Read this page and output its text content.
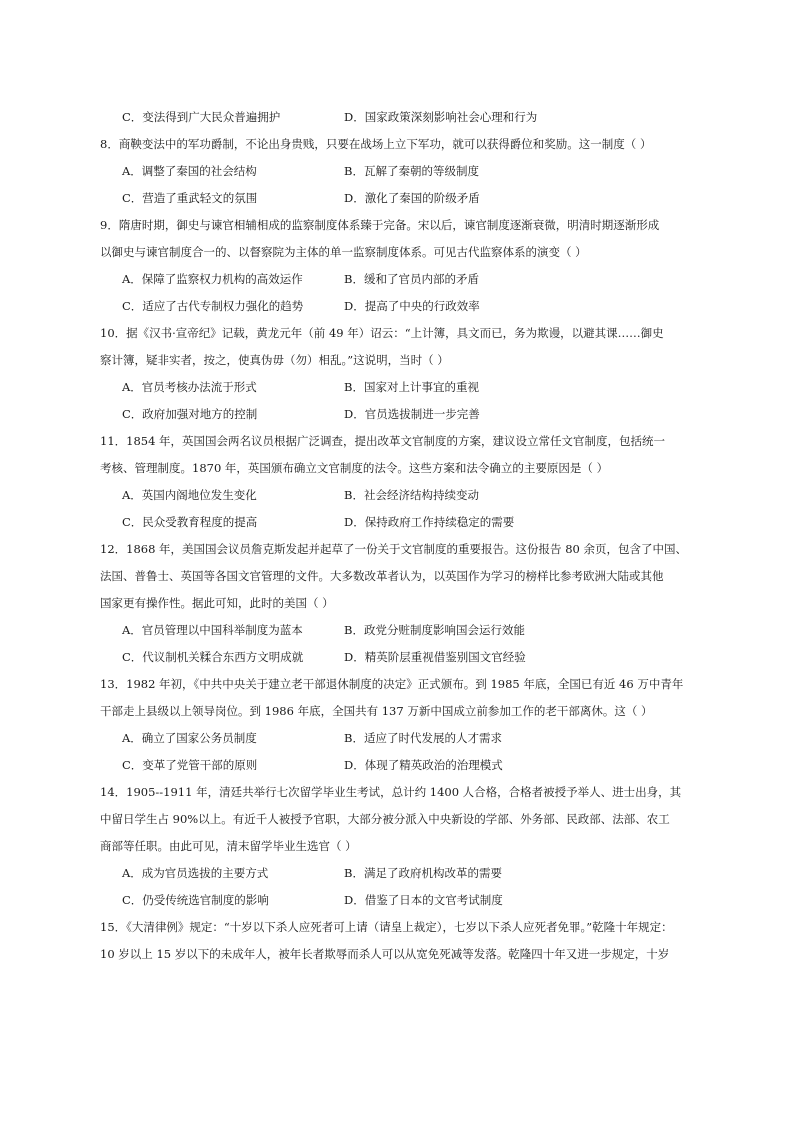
C．变法得到广大民众普遍拥护	D．国家政策深刻影响社会心理和行为
8．商鞅变法中的军功爵制，不论出身贵贱，只要在战场上立下军功，就可以获得爵位和奖励。这一制度（ ）
A．调整了秦国的社会结构	B．瓦解了秦朝的等级制度
C．营造了重武轻文的氛围	D．激化了秦国的阶级矛盾
9．隋唐时期，御史与谏官相辅相成的监察制度体系臻于完备。宋以后，谏官制度逐渐衰微，明清时期逐渐形成
以御史与谏官制度合一的、以督察院为主体的单一监察制度体系。可见古代监察体系的演变（ ）
A．保障了监察权力机构的高效运作	B．缓和了官员内部的矛盾
C．适应了古代专制权力强化的趋势	D．提高了中央的行政效率
10．据《汉书·宣帝纪》记载，黄龙元年（前 49 年）诏云：“上计簿，具文而已，务为欺谩，以避其课……御史
察计簿，疑非实者，按之，使真伪毋（勿）相乱。”这说明，当时（ ）
A．官员考核办法流于形式	B．国家对上计事宜的重视
C．政府加强对地方的控制	D．官员选拔制进一步完善
11．1854 年，英国国会两名议员根据广泛调查，提出改革文官制度的方案，建议设立常任文官制度，包括统一
考核、管理制度。1870 年，英国颁布确立文官制度的法令。这些方案和法令确立的主要原因是（ ）
A．英国内阁地位发生变化	B．社会经济结构持续变动
C．民众受教育程度的提高	D．保持政府工作持续稳定的需要
12．1868 年，美国国会议员詹克斯发起并起草了一份关于文官制度的重要报告。这份报告 80 余页，包含了中国、
法国、普鲁士、英国等各国文官管理的文件。大多数改革者认为，以英国作为学习的榜样比参考欧洲大陆或其他
国家更有操作性。据此可知，此时的美国（ ）
A．官员管理以中国科举制度为蓝本	B．政党分赃制度影响国会运行效能
C．代议制机关糅合东西方文明成就	D．精英阶层重视借鉴别国文官经验
13．1982 年初，《中共中央关于建立老干部退休制度的决定》正式颁布。到 1985 年底，全国已有近 46 万中青年
干部走上县级以上领导岗位。到 1986 年底，全国共有 137 万新中国成立前参加工作的老干部离休。这（ ）
A．确立了国家公务员制度	B．适应了时代发展的人才需求
C．变革了党管干部的原则	D．体现了精英政治的治理模式
14．1905--1911 年，清廷共举行七次留学毕业生考试，总计约 1400 人合格，合格者被授予举人、进士出身，其
中留日学生占 90%以上。有近千人被授予官职，大部分被分派入中央新设的学部、外务部、民政部、法部、农工
商部等任职。由此可见，清末留学毕业生选官（ ）
A．成为官员选拔的主要方式	B．满足了政府机构改革的需要
C．仍受传统选官制度的影响	D．借鉴了日本的文官考试制度
15．《大清律例》规定：“十岁以下杀人应死者可上请（请皇上裁定），七岁以下杀人应死者免罪。”乾隆十年规定：
10 岁以上 15 岁以下的未成年人，被年长者欺辱而杀人可以从宽免死减等发落。乾隆四十年又进一步规定，十岁
